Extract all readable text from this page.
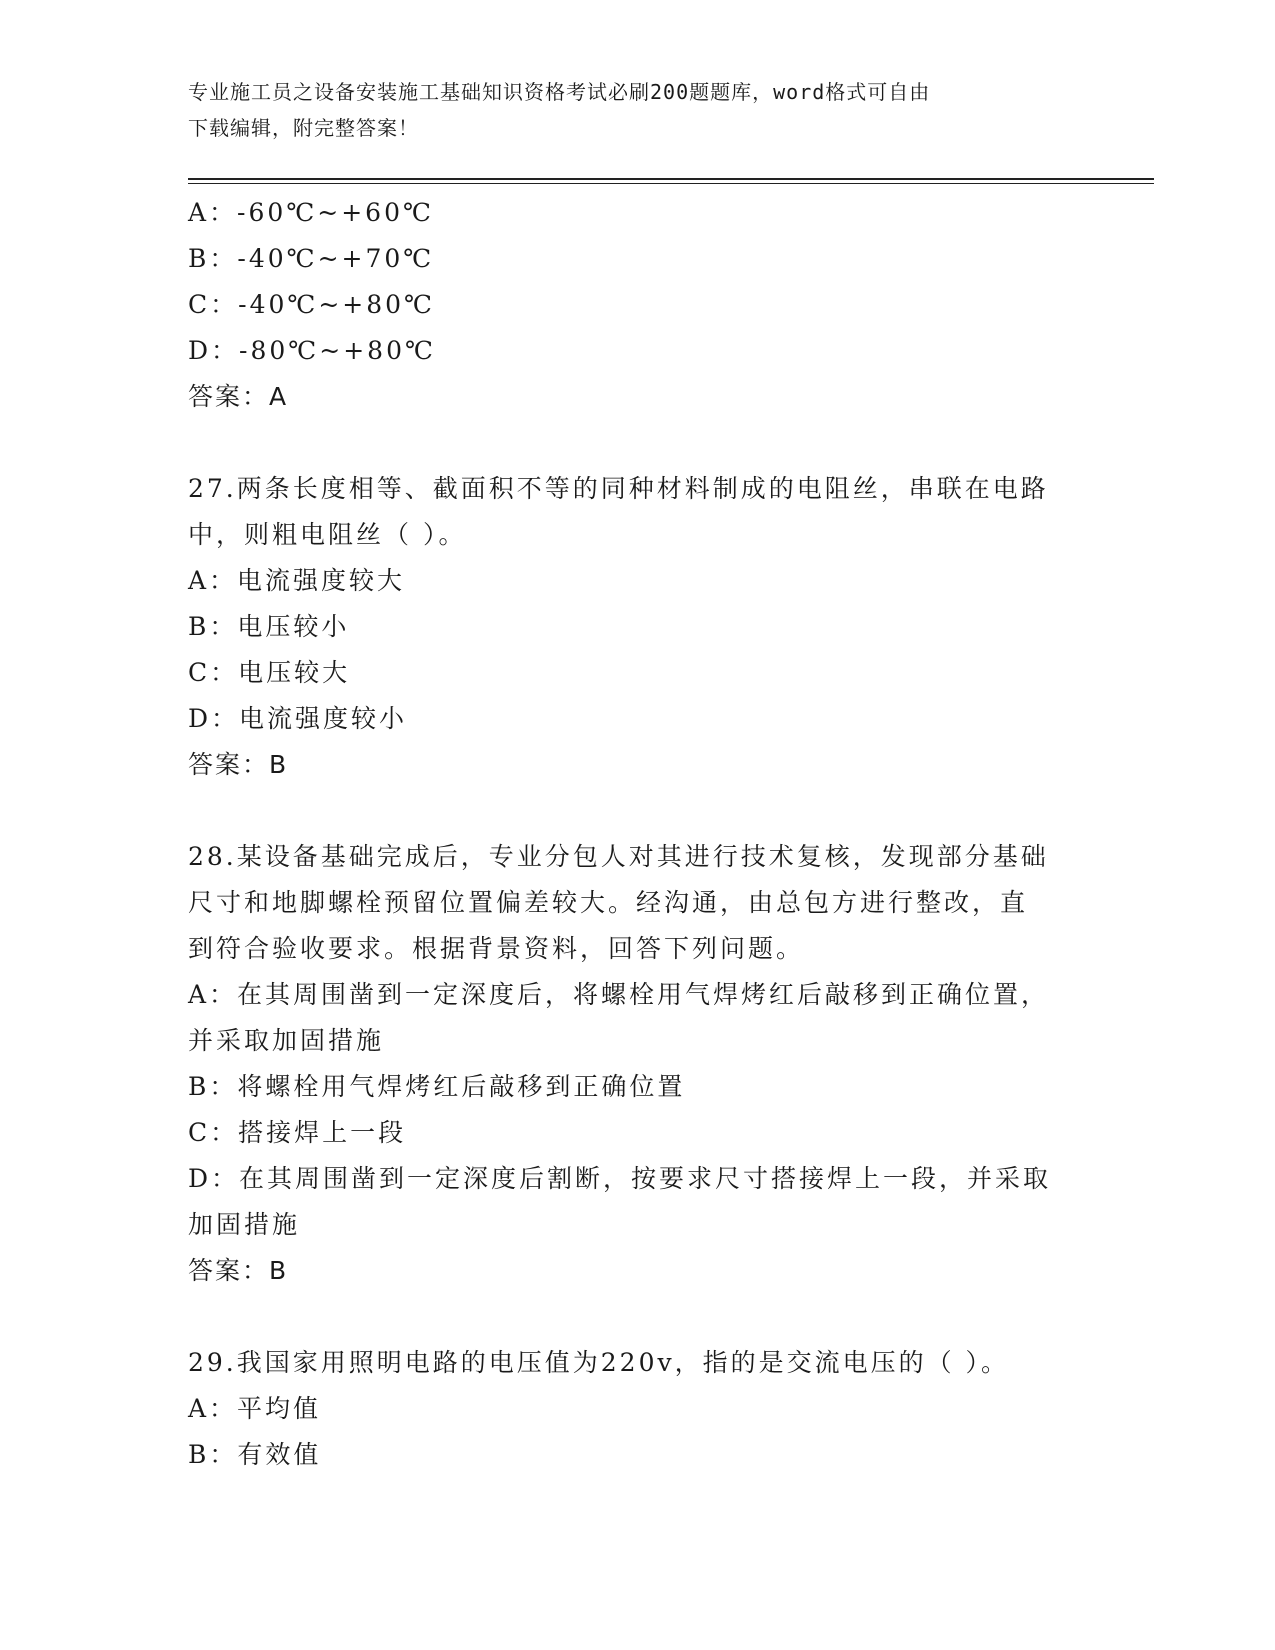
专业施工员之设备安装施工基础知识资格考试必刷200题题库，word格式可自由
下载编辑，附完整答案！
A：-60℃~+60℃
B：-40℃~+70℃
C：-40℃~+80℃
D：-80℃~+80℃
答案：A
27.两条长度相等、截面积不等的同种材料制成的电阻丝，串联在电路
中，则粗电阻丝（ ）。
A：电流强度较大
B：电压较小
C：电压较大
D：电流强度较小
答案：B
28.某设备基础完成后，专业分包人对其进行技术复核，发现部分基础
尺寸和地脚螺栓预留位置偏差较大。经沟通，由总包方进行整改，直
到符合验收要求。根据背景资料，回答下列问题。
A：在其周围凿到一定深度后，将螺栓用气焊烤红后敲移到正确位置，
并采取加固措施
B：将螺栓用气焊烤红后敲移到正确位置
C：搭接焊上一段
D：在其周围凿到一定深度后割断，按要求尺寸搭接焊上一段，并采取
加固措施
答案：B
29.我国家用照明电路的电压值为220v，指的是交流电压的（ ）。
A：平均值
B：有效值
